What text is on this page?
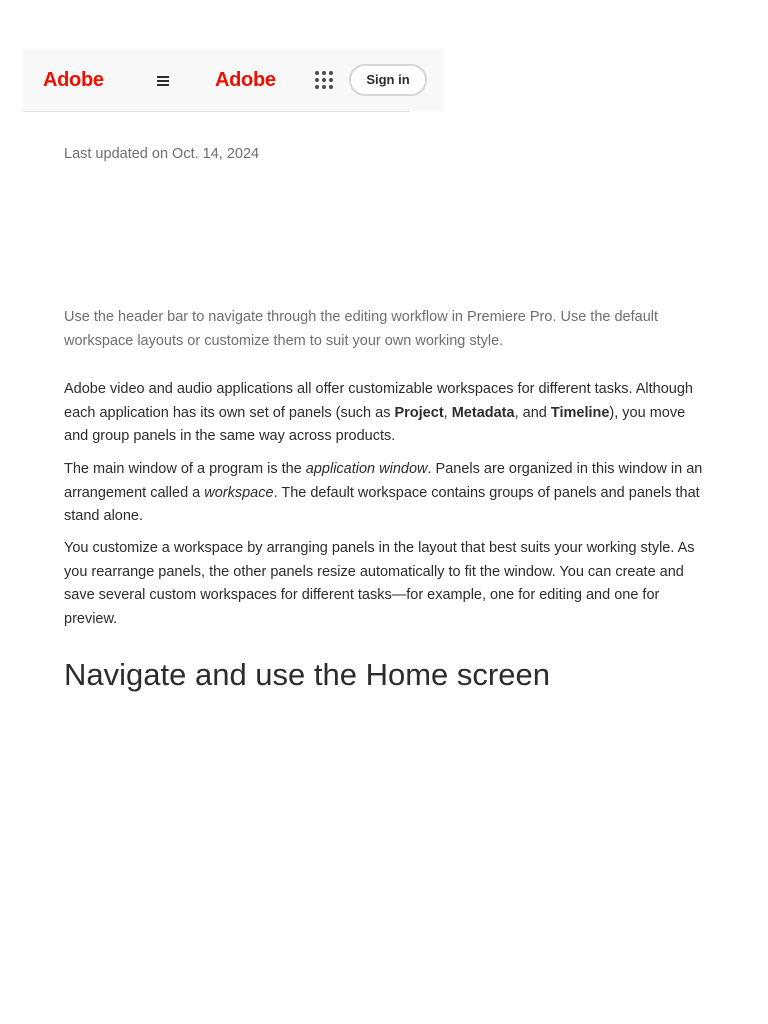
Adobe	Adobe	Sign in
Last updated on Oct. 14, 2024

Use the header bar to navigate through the editing workflow in Premiere Pro. Use the default workspace layouts or customize them to suit your own working style.

Adobe video and audio applications all offer customizable workspaces for different tasks. Although each application has its own set of panels (such as Project, Metadata, and Timeline), you move and group panels in the same way across products.

The main window of a program is the application window. Panels are organized in this window in an arrangement called a workspace. The default workspace contains groups of panels and panels that stand alone.

You customize a workspace by arranging panels in the layout that best suits your working style. As you rearrange panels, the other panels resize automatically to fit the window. You can create and save several custom workspaces for different tasks—for example, one for editing and one for preview.

Navigate and use the Home screen
